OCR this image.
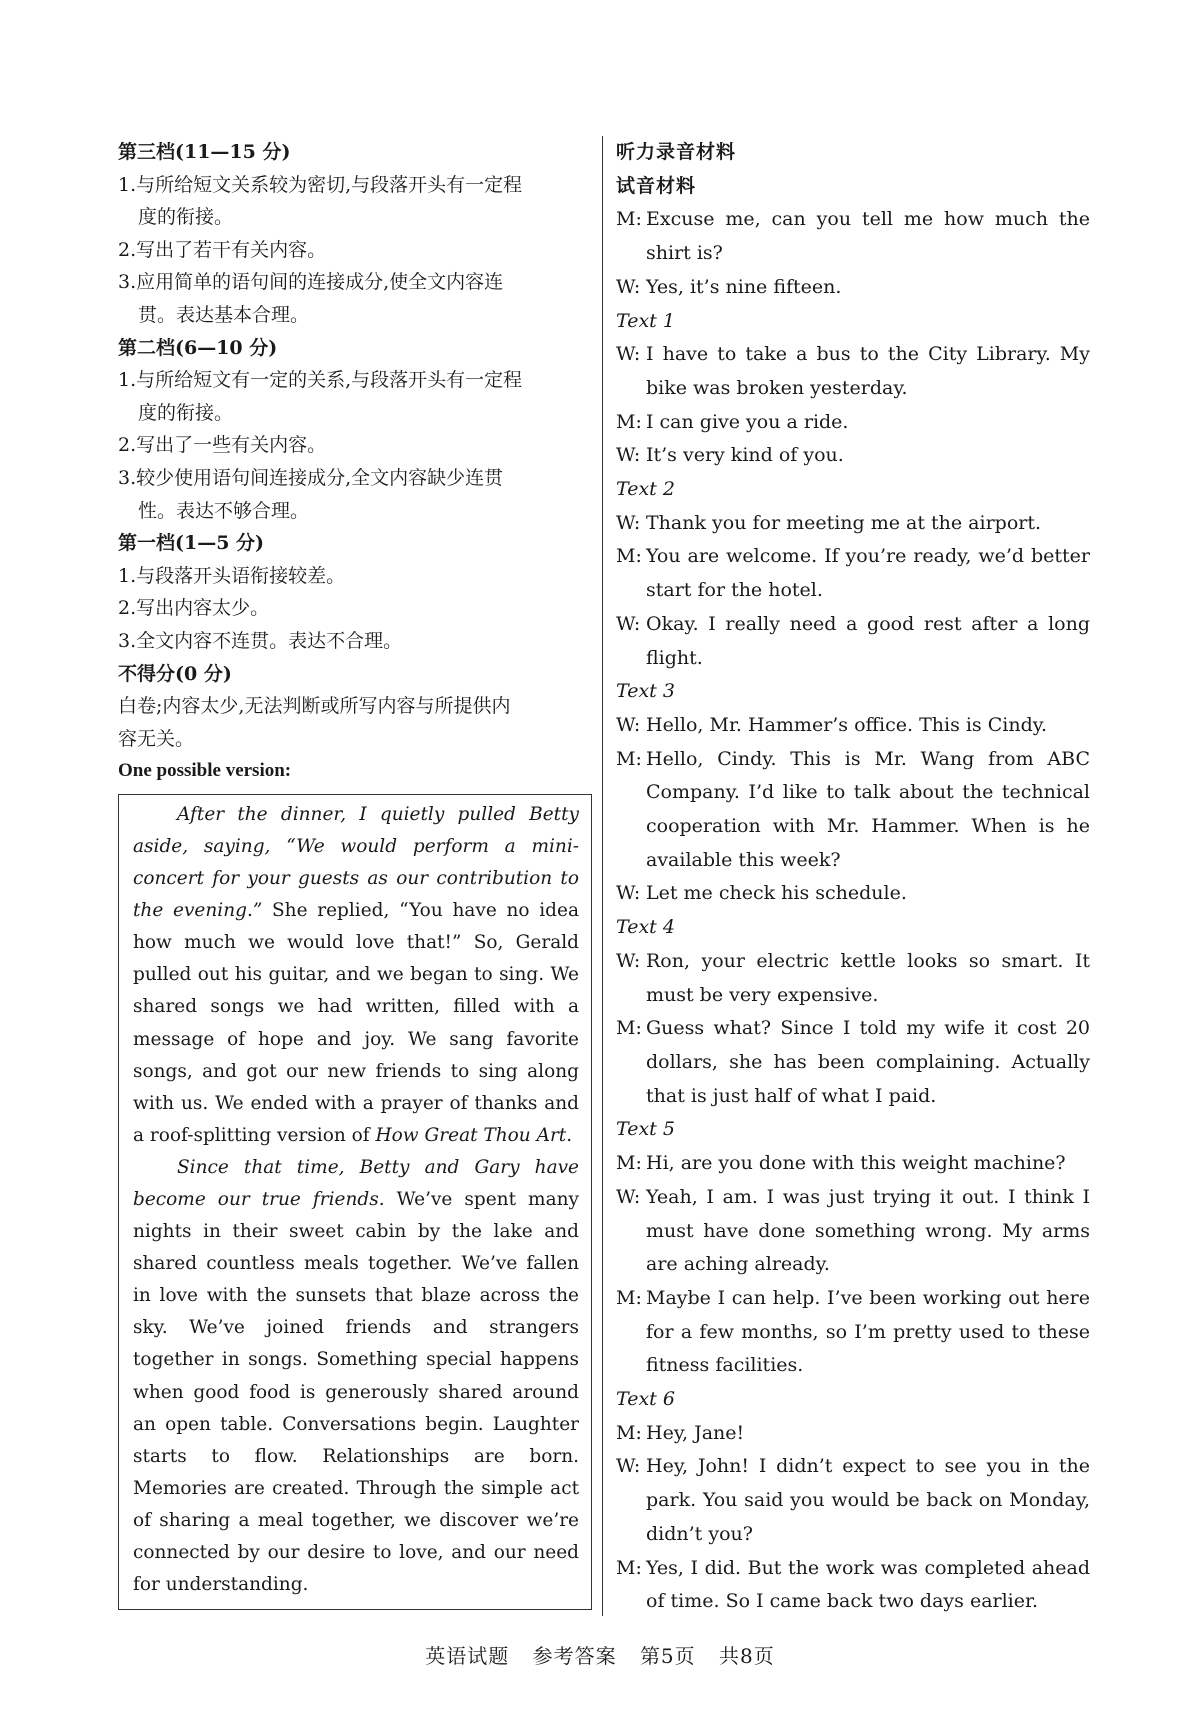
第三档(11—15 分)
1.与所给短文关系较为密切,与段落开头有一定程
度的衔接。
2.写出了若干有关内容。
3.应用简单的语句间的连接成分,使全文内容连
贯。表达基本合理。
第二档(6—10 分)
1.与所给短文有一定的关系,与段落开头有一定程
度的衔接。
2.写出了一些有关内容。
3.较少使用语句间连接成分,全文内容缺少连贯
性。表达不够合理。
第一档(1—5 分)
1.与段落开头语衔接较差。
2.写出内容太少。
3.全文内容不连贯。表达不合理。
不得分(0 分)
白卷;内容太少,无法判断或所写内容与所提供内
容无关。
One possible version:

After the dinner, I quietly pulled Betty aside, saying, “We would perform a mini-concert for your guests as our contribution to the evening.” She replied, “You have no idea how much we would love that!” So, Gerald pulled out his guitar, and we began to sing. We shared songs we had written, filled with a message of hope and joy. We sang favorite songs, and got our new friends to sing along with us. We ended with a prayer of thanks and a roof-splitting version of How Great Thou Art.

Since that time, Betty and Gary have become our true friends. We’ve spent many nights in their sweet cabin by the lake and shared countless meals together. We’ve fallen in love with the sunsets that blaze across the sky. We’ve joined friends and strangers together in songs. Something special happens when good food is generously shared around an open table. Conversations begin. Laughter starts to flow. Relationships are born. Memories are created. Through the simple act of sharing a meal together, we discover we’re connected by our desire to love, and our need for understanding.

听力录音材料
试音材料
M: Excuse me, can you tell me how much the shirt is?
W: Yes, it’s nine fifteen.
Text 1
W: I have to take a bus to the City Library. My bike was broken yesterday.
M: I can give you a ride.
W: It’s very kind of you.
Text 2
W: Thank you for meeting me at the airport.
M: You are welcome. If you’re ready, we’d better start for the hotel.
W: Okay. I really need a good rest after a long flight.
Text 3
W: Hello, Mr. Hammer’s office. This is Cindy.
M: Hello, Cindy. This is Mr. Wang from ABC Company. I’d like to talk about the technical cooperation with Mr. Hammer. When is he available this week?
W: Let me check his schedule.
Text 4
W: Ron, your electric kettle looks so smart. It must be very expensive.
M: Guess what? Since I told my wife it cost 20 dollars, she has been complaining. Actually that is just half of what I paid.
Text 5
M: Hi, are you done with this weight machine?
W: Yeah, I am. I was just trying it out. I think I must have done something wrong. My arms are aching already.
M: Maybe I can help. I’ve been working out here for a few months, so I’m pretty used to these fitness facilities.
Text 6
M: Hey, Jane!
W: Hey, John! I didn’t expect to see you in the park. You said you would be back on Monday, didn’t you?
M: Yes, I did. But the work was completed ahead of time. So I came back two days earlier.
英语试题 参考答案 第5页 共8页
